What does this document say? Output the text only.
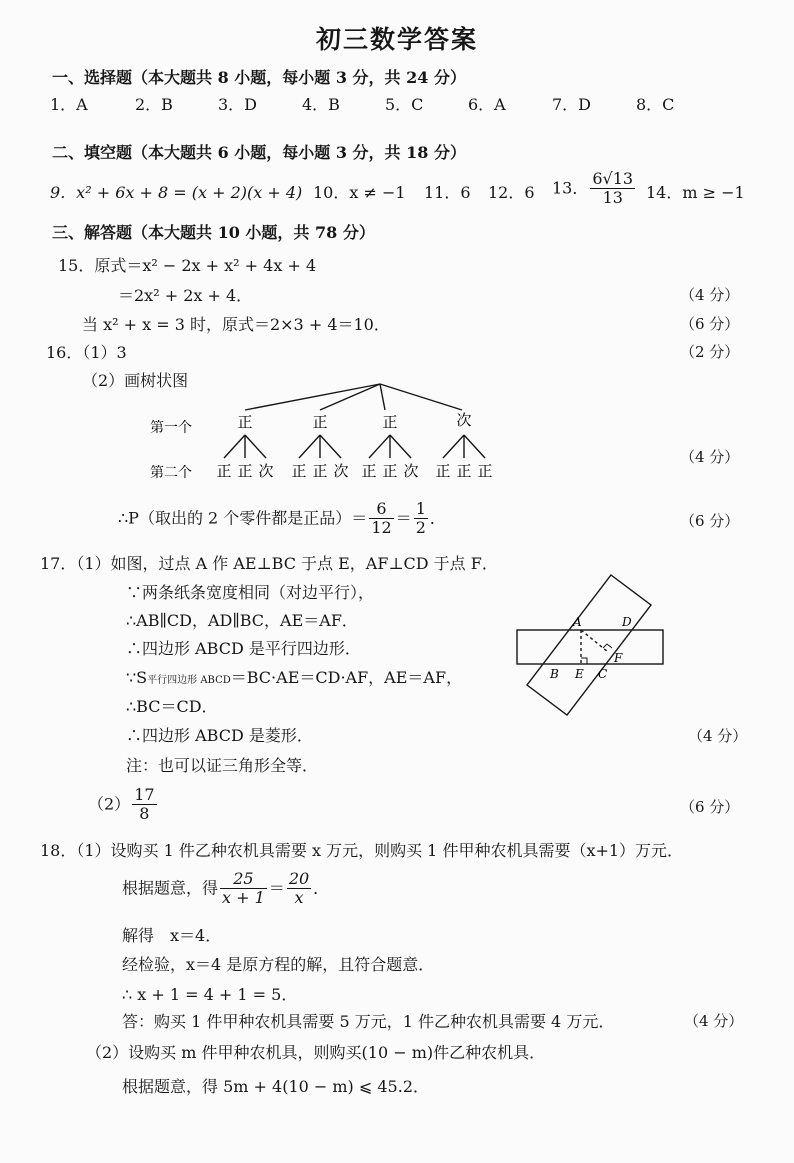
初三数学答案
一、选择题（本大题共 8 小题，每小题 3 分，共 24 分）
1．A	2．B	3．D	4．B	5．C	6．A	7．D	8．C
二、填空题（本大题共 6 小题，每小题 3 分，共 18 分）
9．x² + 6x + 8 = (x + 2)(x + 4) 10．x ≠ −1 11．6 12．6 13． $\frac{6√13}{13} 14$．m ≥ −1
三、解答题（本大题共 10 小题，共 78 分）
15．原式＝x² − 2x + x² + 4x + 4
＝2x² + 2x + 4．	（4 分）
当 x² + x = 3 时，原式＝2×3 + 4＝10．	（6 分）
16．（1）3	（2 分）
（2）画树状图
第一个
第二个
正	正	正	次
正 正 次 正 正 次 正 正 次 正 正 正
（4 分）
∴P（取出的 2 个零件都是正品）＝ $\frac{6}{12} = \frac{1}{2}$ ．	（6 分）
17．（1）如图，过点 A 作 AE⊥BC 于点 E，AF⊥CD 于点 F．
∵两条纸条宽度相同（对边平行），
∴AB∥CD，AD∥BC，AE＝AF．
∴四边形 ABCD 是平行四边形．
∵S平行四边形 ABCD＝BC·AE＝CD·AF，AE＝AF，
∴BC＝CD．
∴四边形 ABCD 是菱形．	（4 分）
注：也可以证三角形全等．
$(2) \frac{17}{8}$	（6 分）
A	D
F
B E C
18．（1）设购买 1 件乙种农机具需要 x 万元，则购买 1 件甲种农机具需要（x+1）万元．
根据题意，得 $\frac{25}{x + 1} = \frac{20}{x}$ ．
解得　x＝4．
经检验，x＝4 是原方程的解，且符合题意．
∴ x + 1 = 4 + 1 = 5．
答：购买 1 件甲种农机具需要 5 万元，1 件乙种农机具需要 4 万元．	（4 分）
（2）设购买 m 件甲种农机具，则购买(10 − m)件乙种农机具．
根据题意，得 5m + 4(10 − m) ⩽ 45.2．
